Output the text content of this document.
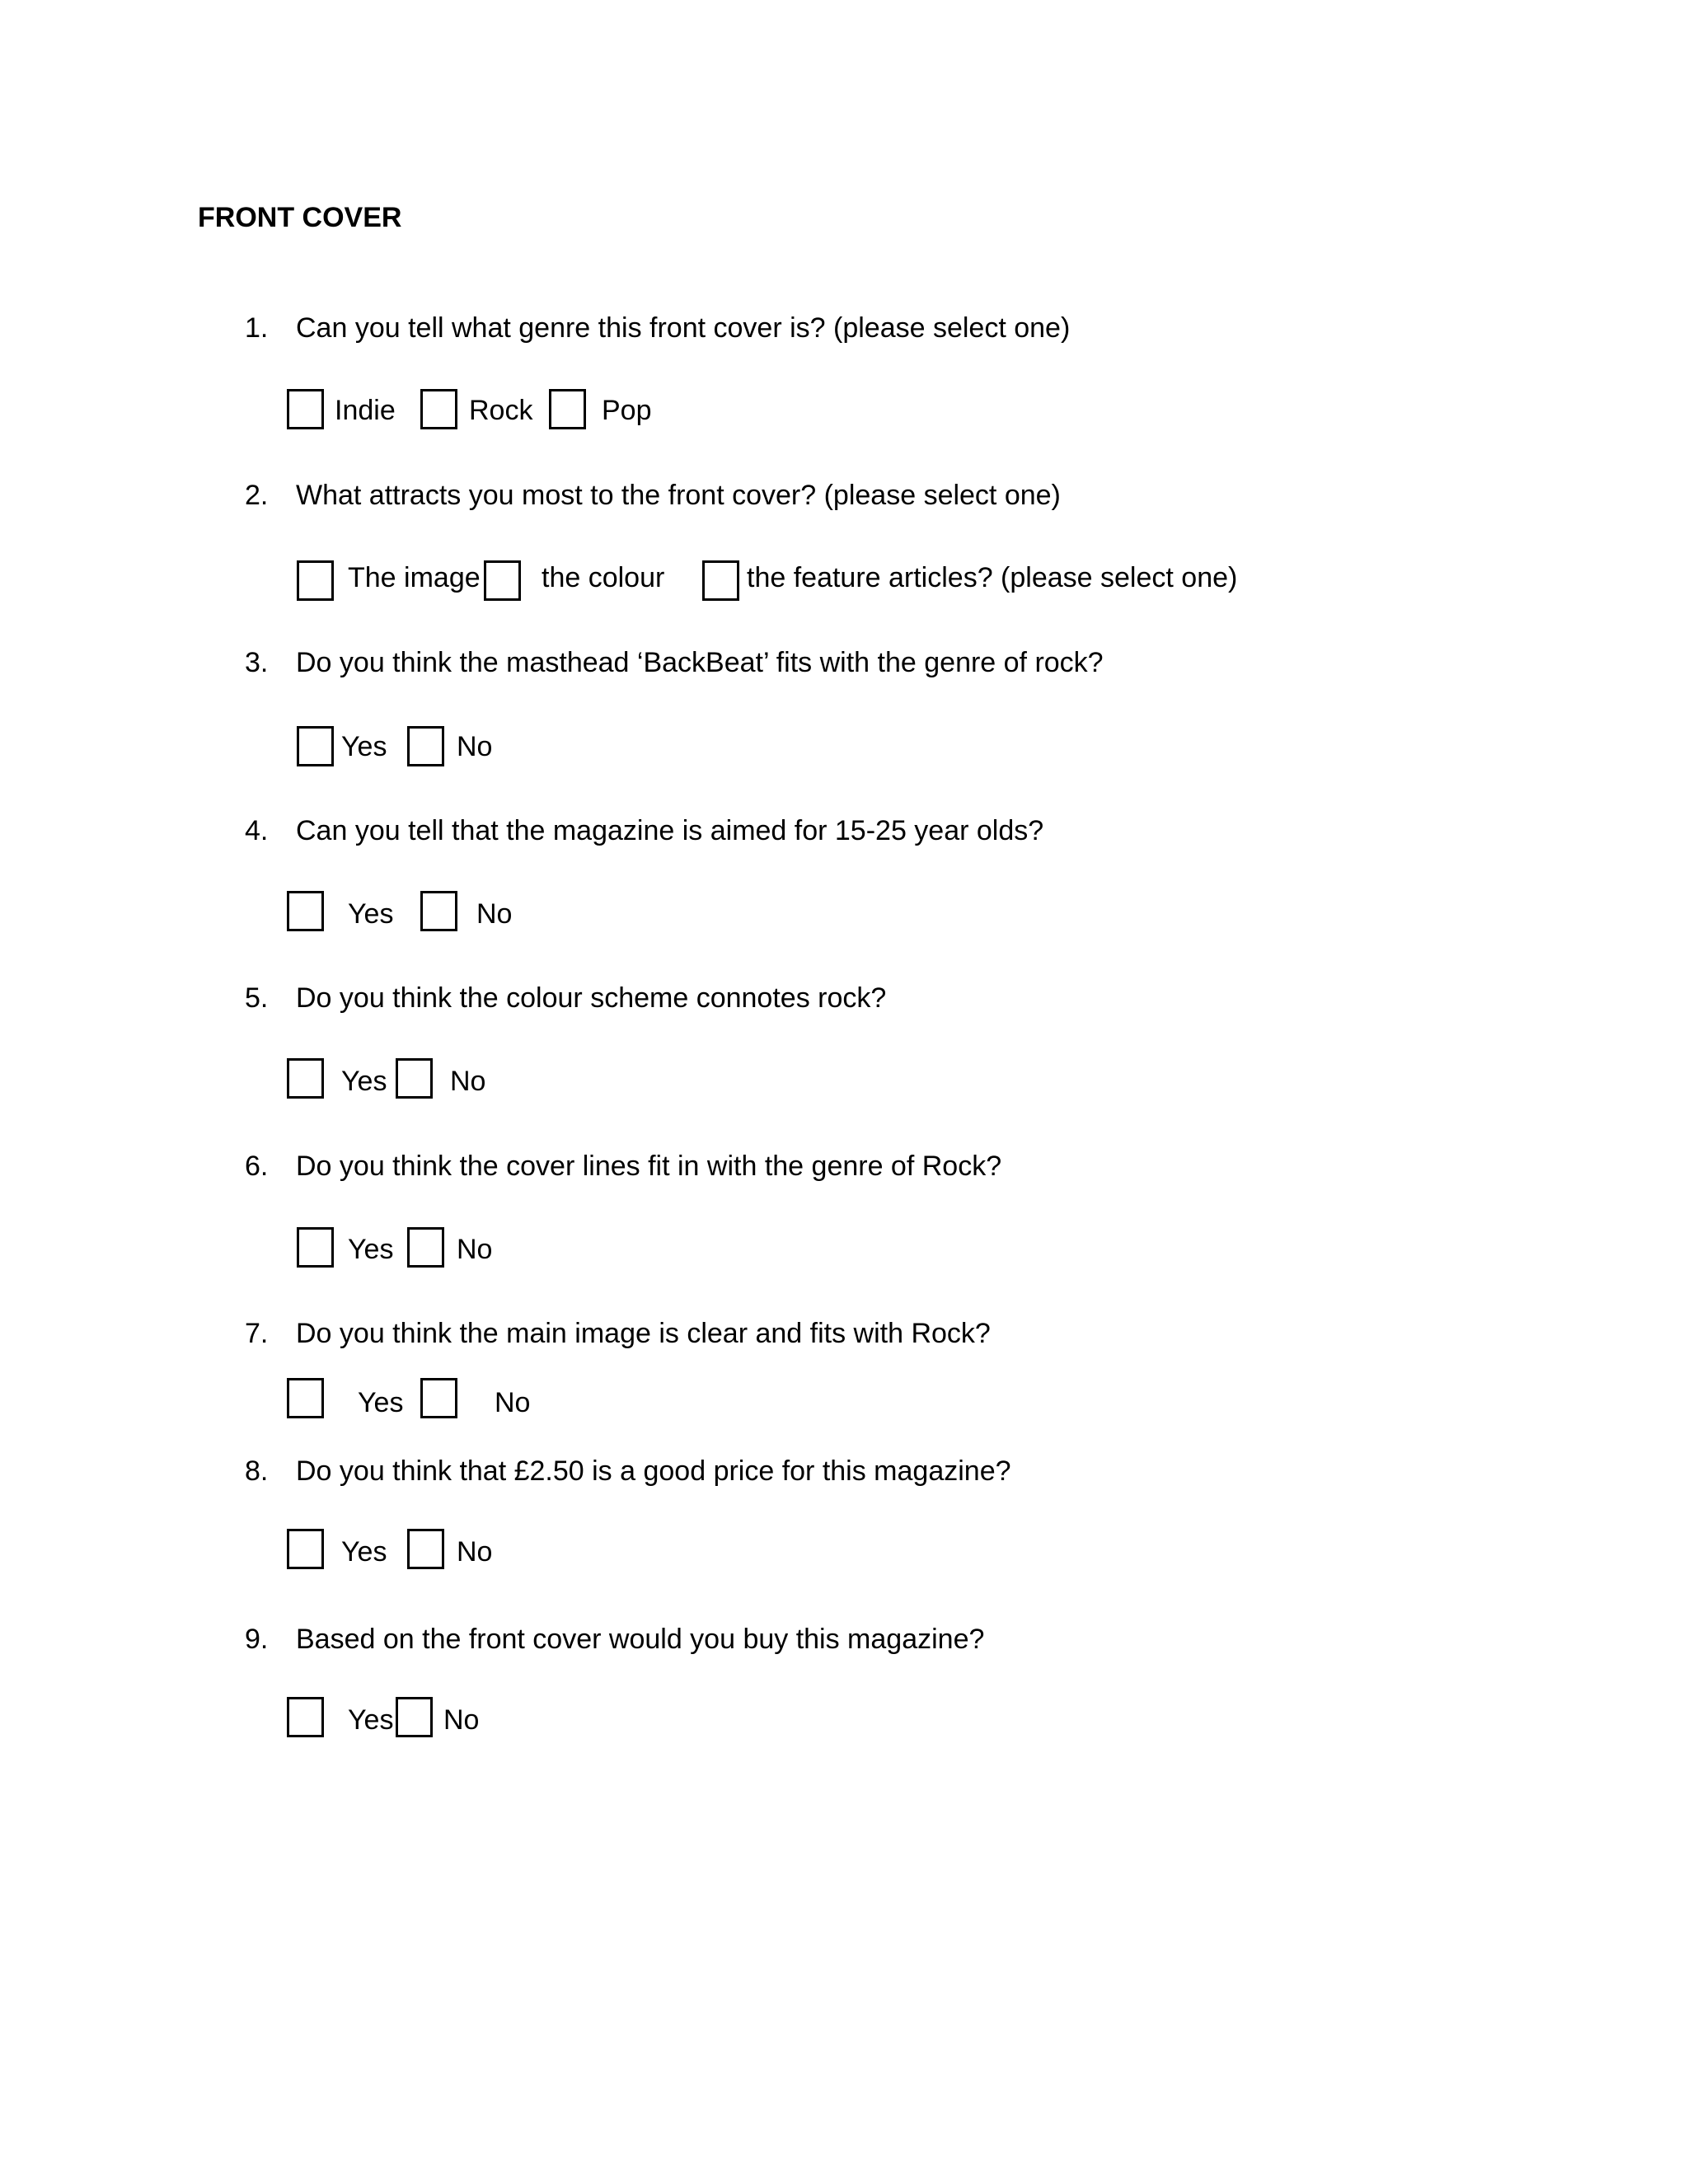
FRONT COVER
1. Can you tell what genre this front cover is? (please select one)
Indie	Rock Pop
2. What attracts you most to the front cover? (please select one)
The image the colour	the feature articles? (please select one)
3. Do you think the masthead ‘BackBeat’ fits with the genre of rock?
Yes No
4. Can you tell that the magazine is aimed for 15-25 year olds?
Yes	No
5. Do you think the colour scheme connotes rock?
Yes No
6. Do you think the cover lines fit in with the genre of Rock?
Yes No
7. Do you think the main image is clear and fits with Rock?
Yes	No
8. Do you think that £2.50 is a good price for this magazine?
Yes No
9. Based on the front cover would you buy this magazine?
Yes No
